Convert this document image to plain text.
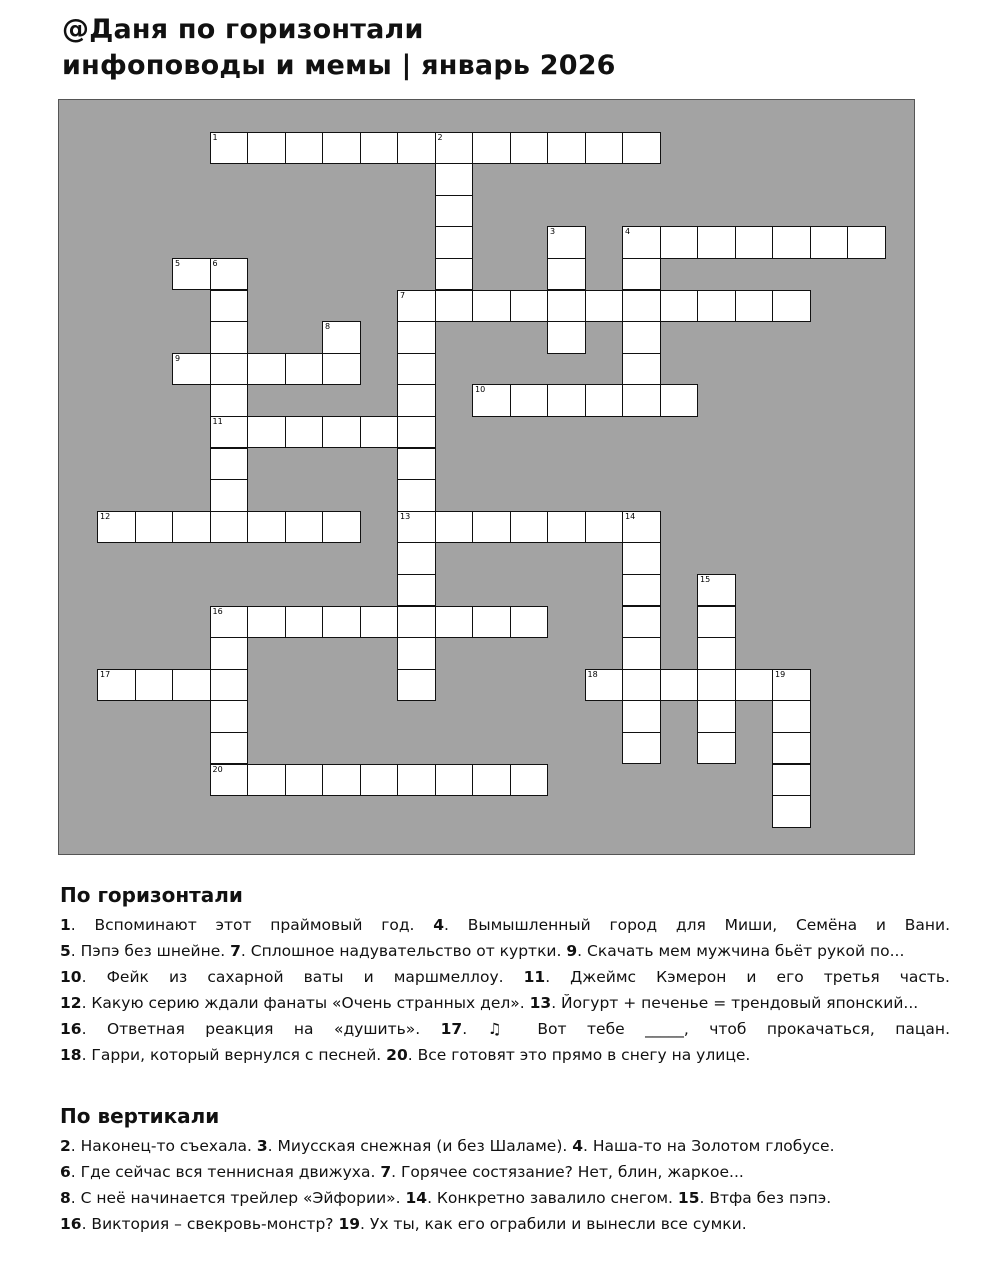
@Даня по горизонтали
инфоповоды и мемы | январь 2026
1	2
3	4
5	6
11
7
13
8
9
10
12	14
15
16
20
17	18	19
По горизонтали
1. Вспоминают этот праймовый год. 4. Вымышленный город для Миши, Семёна и Вани.
5. Пэпэ без шнейне. 7. Сплошное надувательство от куртки. 9. Скачать мем мужчина бьёт рукой по...
10. Фейк из сахарной ваты и маршмеллоу. 11. Джеймс Кэмерон и его третья часть.
12. Какую серию ждали фанаты «Очень странных дел». 13. Йогурт + печенье = трендовый японский...
16. Ответная реакция на «душить». 17. ♫ Вот тебе _____, чтоб прокачаться, пацан.
18. Гарри, который вернулся с песней. 20. Все готовят это прямо в снегу на улице.
По вертикали
2. Наконец-то съехала. 3. Миусская снежная (и без Шаламе). 4. Наша-то на Золотом глобусе.
6. Где сейчас вся теннисная движуха. 7. Горячее состязание? Нет, блин, жаркое...
8. С неё начинается трейлер «Эйфории». 14. Конкретно завалило снегом. 15. Втфа без пэпэ.
16. Виктория – свекровь-монстр? 19. Ух ты, как его ограбили и вынесли все сумки.
